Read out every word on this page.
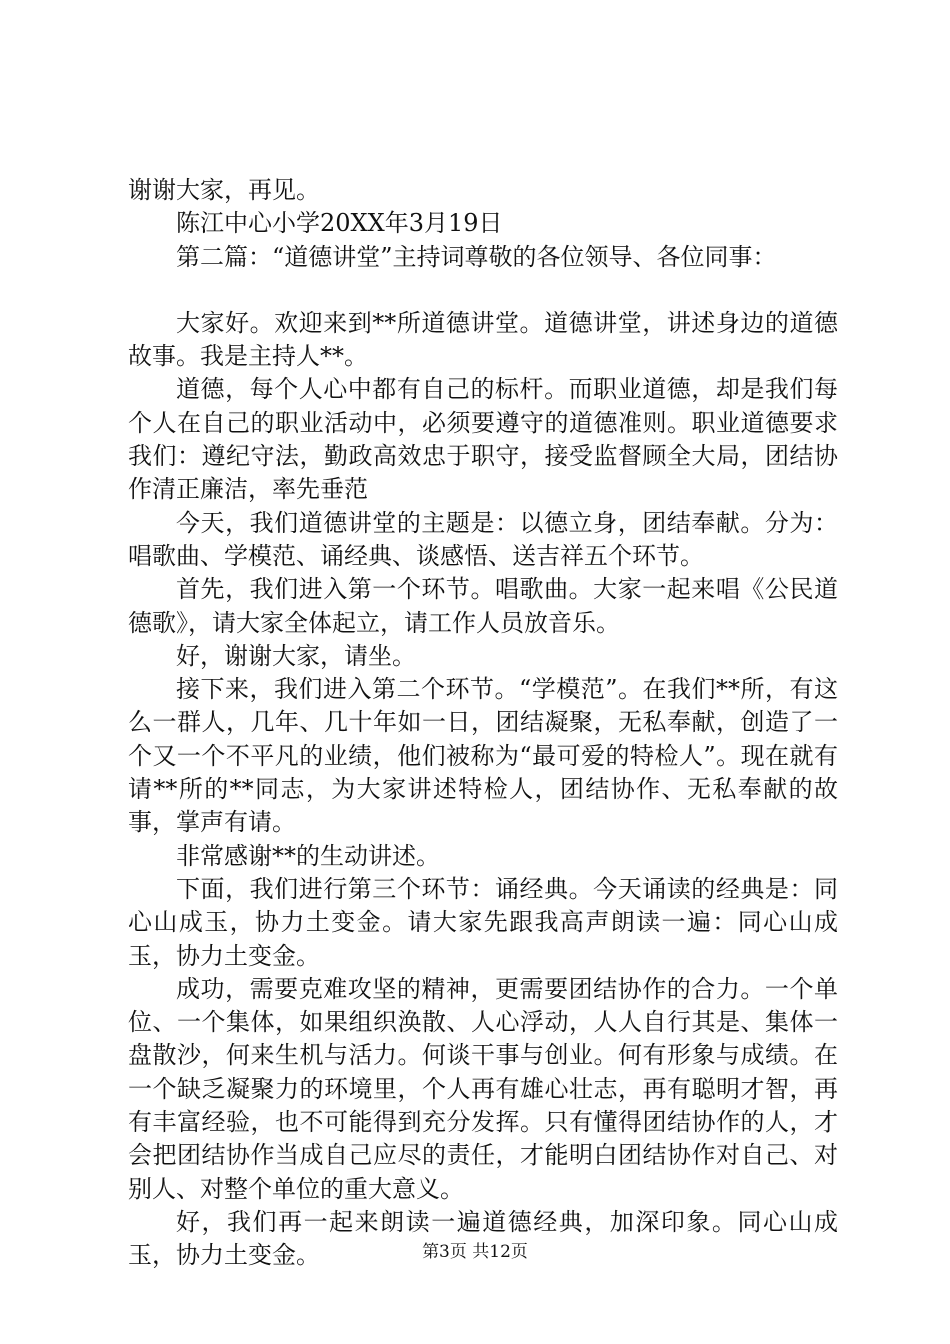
谢谢大家，再见。

陈江中心小学20XX年3月19日

第二篇：“道德讲堂”主持词尊敬的各位领导、各位同事：

大家好。欢迎来到**所道德讲堂。道德讲堂，讲述身边的道德故事。我是主持人**。

道德，每个人心中都有自己的标杆。而职业道德，却是我们每个人在自己的职业活动中，必须要遵守的道德准则。职业道德要求我们：遵纪守法，勤政高效忠于职守，接受监督顾全大局，团结协作清正廉洁，率先垂范

今天，我们道德讲堂的主题是：以德立身，团结奉献。分为：唱歌曲、学模范、诵经典、谈感悟、送吉祥五个环节。

首先，我们进入第一个环节。唱歌曲。大家一起来唱《公民道德歌》，请大家全体起立，请工作人员放音乐。

好，谢谢大家，请坐。

接下来，我们进入第二个环节。“学模范”。在我们**所，有这么一群人，几年、几十年如一日，团结凝聚，无私奉献，创造了一个又一个不平凡的业绩，他们被称为“最可爱的特检人”。现在就有请**所的**同志，为大家讲述特检人，团结协作、无私奉献的故事，掌声有请。

非常感谢**的生动讲述。

下面，我们进行第三个环节：诵经典。今天诵读的经典是：同心山成玉，协力土变金。请大家先跟我高声朗读一遍：同心山成玉，协力土变金。

成功，需要克难攻坚的精神，更需要团结协作的合力。一个单位、一个集体，如果组织涣散、人心浮动，人人自行其是、集体一盘散沙，何来生机与活力。何谈干事与创业。何有形象与成绩。在一个缺乏凝聚力的环境里，个人再有雄心壮志，再有聪明才智，再有丰富经验，也不可能得到充分发挥。只有懂得团结协作的人，才会把团结协作当成自己应尽的责任，才能明白团结协作对自己、对别人、对整个单位的重大意义。

好，我们再一起来朗读一遍道德经典，加深印象。同心山成玉，协力土变金。	第3页 共12页
